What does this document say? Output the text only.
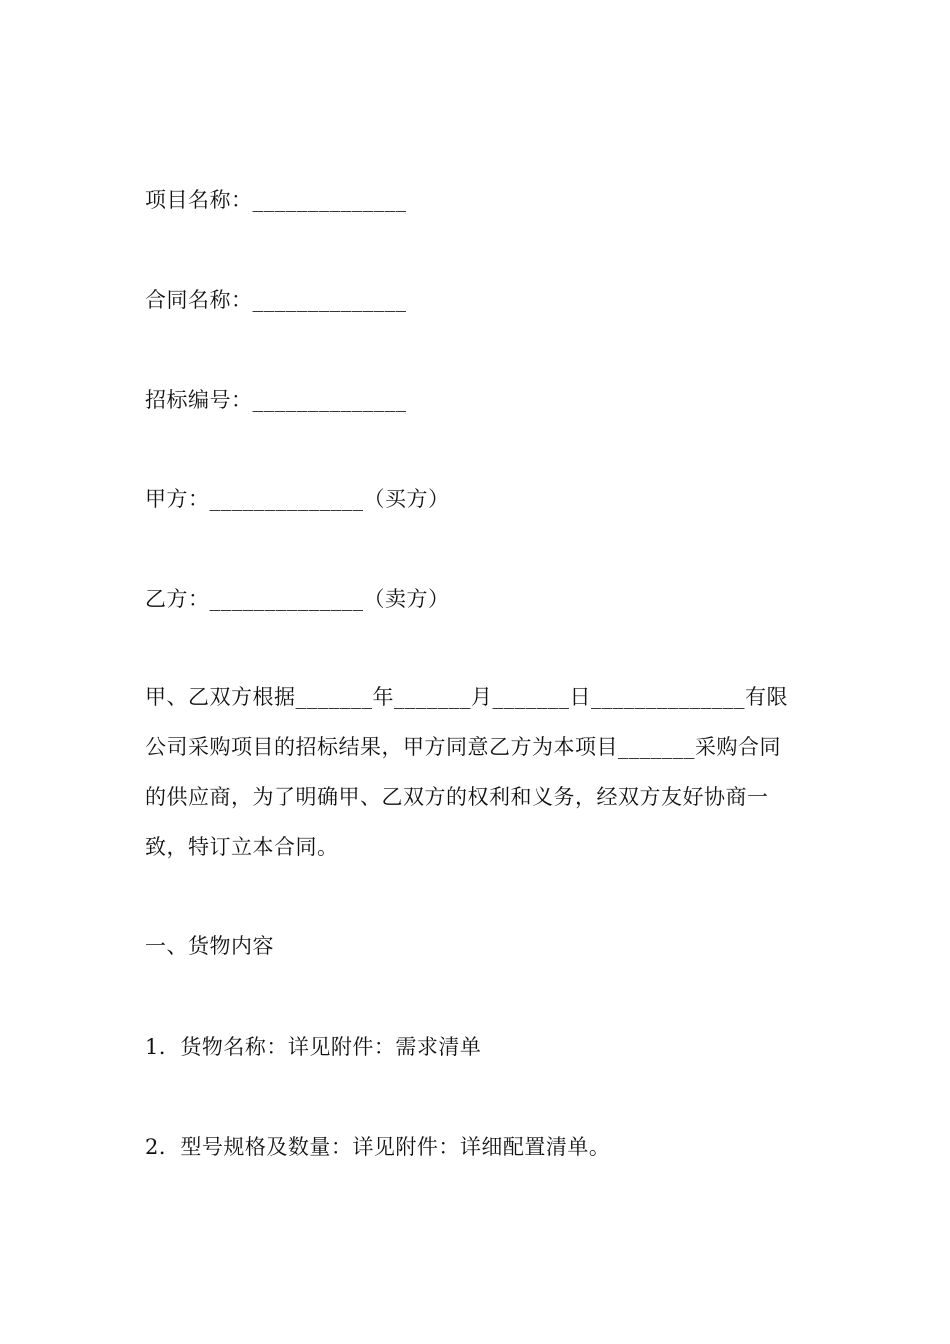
项目名称：______________
合同名称：______________
招标编号：______________
甲方：______________（买方）
乙方：______________（卖方）
甲、乙双方根据_______年_______月_______日______________有限
公司采购项目的招标结果，甲方同意乙方为本项目_______采购合同
的供应商，为了明确甲、乙双方的权利和义务，经双方友好协商一
致，特订立本合同。
一、货物内容
1．货物名称：详见附件：需求清单
2．型号规格及数量：详见附件：详细配置清单。
